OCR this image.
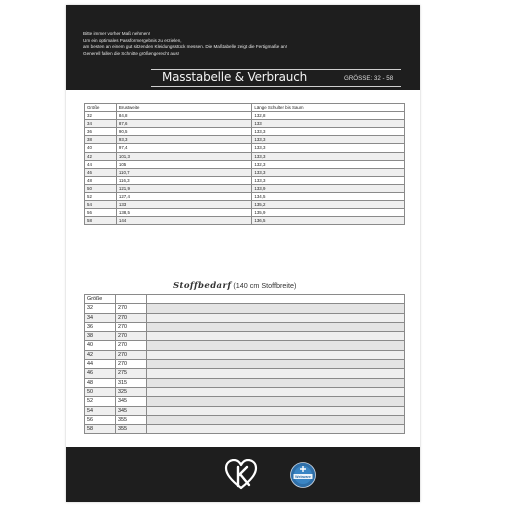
Bitte immer vorher Maß nehmen!
Um ein optimales Passformergebnis zu erzielen,
am besten an einem gut sitzenden Kleidungsstück messen. Die Maßtabelle zeigt die Fertigmaße an!
Generell fallen die Schnitte größengerecht aus!
Masstabelle & Verbrauch	GRÖSSE: 32 - 58
Größe	Brustweite	Länge Schulter bis Saum
32	84,8	132,8
34	87,6	133
36	90,5	133,3
38	93,3	133,3
40	97,4	133,3
42	101,3	133,3
44	105	132,3
46	110,7	133,3
48	116,3	133,3
50	121,9	133,9
52	127,4	134,5
54	133	135,2
56	138,5	135,9
58	144	136,5
Stoffbedarf (140 cm Stoffbreite)
Größe		
32	270	
34	270	
36	270	
38	270	
40	270	
42	270	
44	270	
46	275	
48	315	
50	325	
52	345	
54	345	
56	355	
58	355	
Webware
